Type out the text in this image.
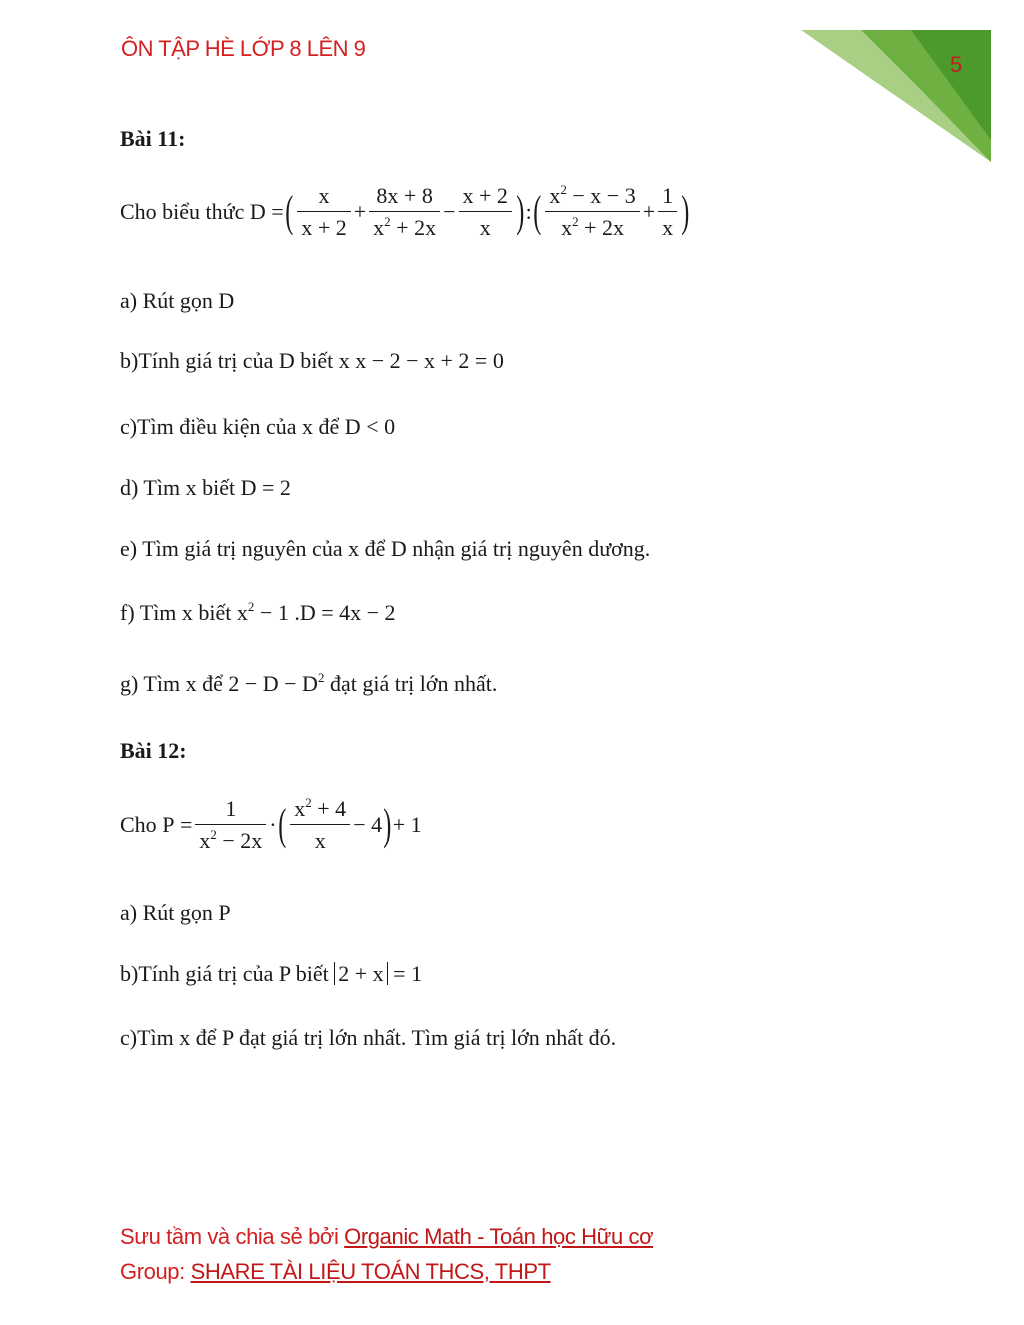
ÔN TẬP HÈ LỚP 8 LÊN 9
5
Bài 11:
Cho biểu thức
D = ( $\frac{x}{x + 2} + \frac{8x + 8}{x^2 + 2x} - \frac{x + 2}{x}$ ) : ( $\frac{x^2 - x - 3}{x^2 + 2x} + \frac{1}{x}$ )
a) Rút gọn D
b)Tính giá trị của D biết x x − 2 − x + 2 = 0
c)Tìm điều kiện của x để D < 0
d) Tìm x biết D = 2
e) Tìm giá trị nguyên của x để D nhận giá trị nguyên dương.
f) Tìm x biết $x^2 - 1$ .D = 4x − 2
g) Tìm x để $2 - D - D^2$ đạt giá trị lớn nhất.
Bài 12:
Cho
$P = \frac{1}{x^2 - 2x}$ · ( $\frac{x^2 + 4}{x} - 4$ ) + 1
a) Rút gọn P
b)Tính giá trị của P biết 2 + x = 1
c)Tìm x để P đạt giá trị lớn nhất. Tìm giá trị lớn nhất đó.
Sưu tầm và chia sẻ bởi Organic Math - Toán học Hữu cơ
Group: SHARE TÀI LIỆU TOÁN THCS, THPT
